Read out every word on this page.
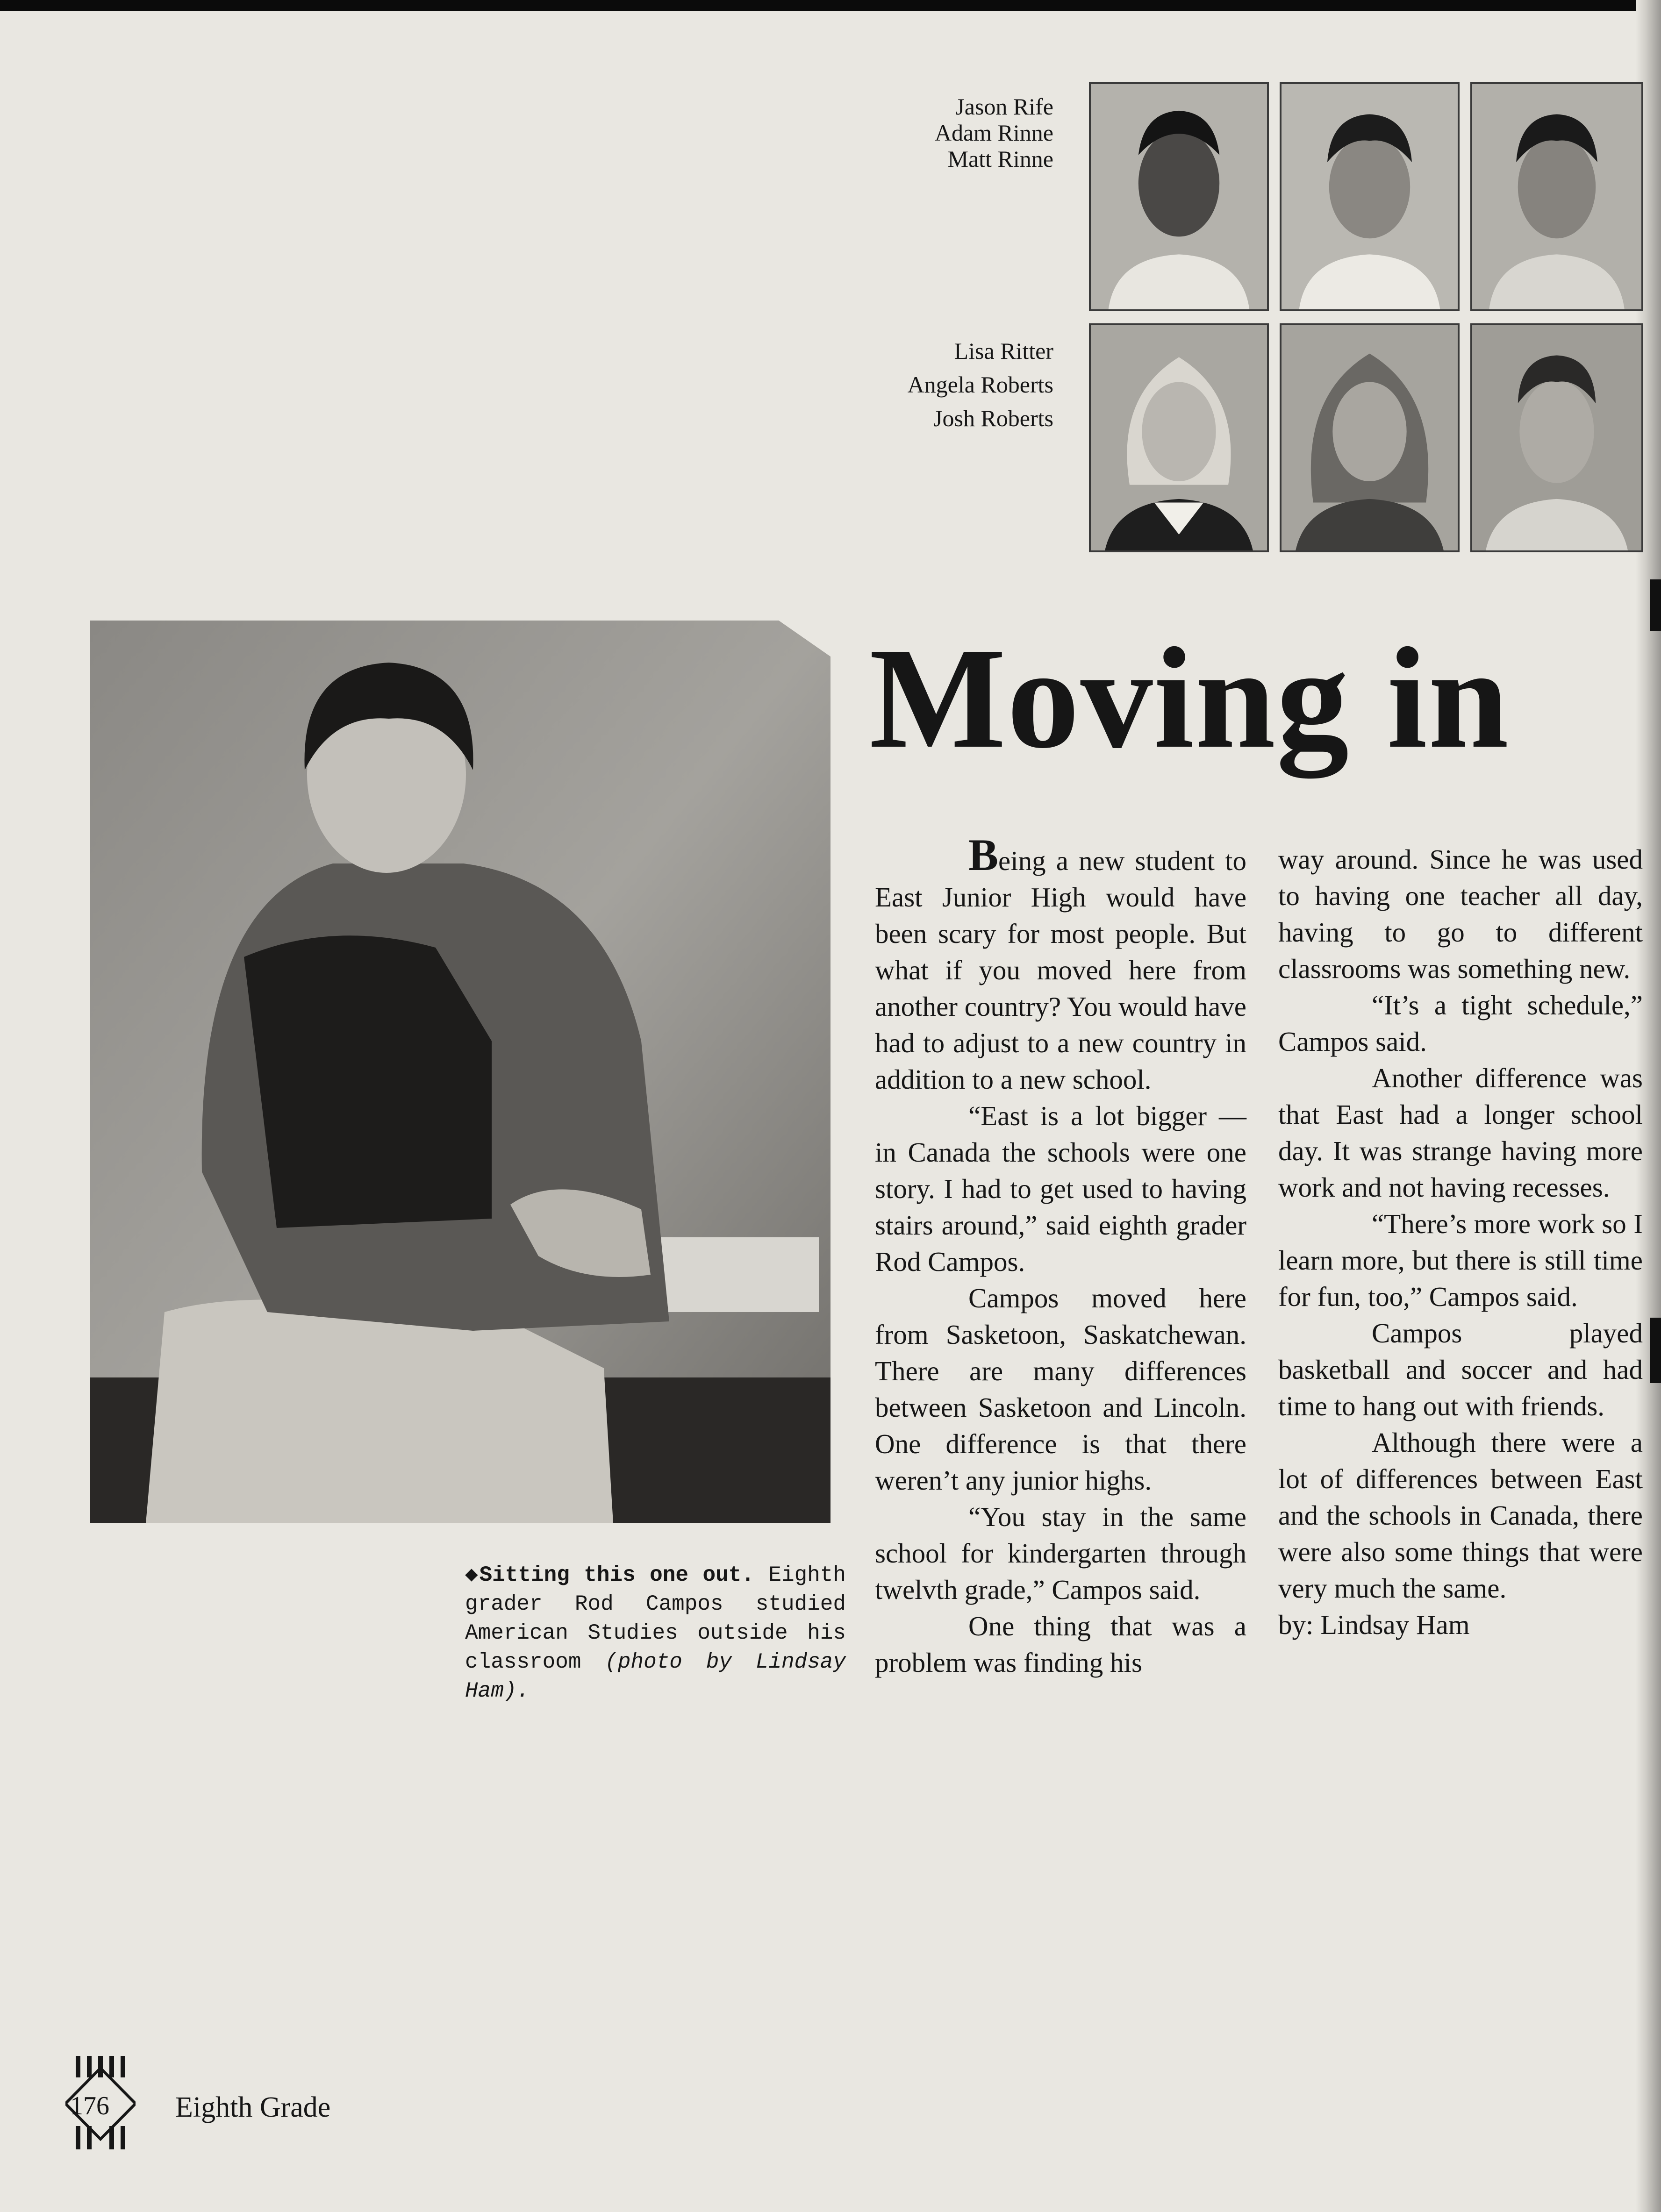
Jason Rife
Adam Rinne
Matt Rinne
Lisa Ritter
Angela Roberts
Josh Roberts
◆Sitting this one out. Eighth grader Rod Campos studied American Studies outside his classroom (photo by Lindsay Ham).
Moving in

Being a new student to East Junior High would have been scary for most people. But what if you moved here from another country? You would have had to adjust to a new country in addition to a new school.

“East is a lot bigger — in Canada the schools were one story. I had to get used to having stairs around,” said eighth grader Rod Campos.

Campos moved here from Sasketoon, Saskatchewan. There are many differences between Sasketoon and Lincoln. One difference is that there weren’t any junior highs.

“You stay in the same school for kindergarten through twelvth grade,” Campos said.

One thing that was a problem was finding his

way around. Since he was used to having one teacher all day, having to go to different classrooms was something new.

“It’s a tight schedule,” Campos said.

Another difference was that East had a longer school day. It was strange having more work and not having recesses.

“There’s more work so I learn more, but there is still time for fun, too,” Campos said.

Campos played basketball and soccer and had time to hang out with friends.

Although there were a lot of differences between East and the schools in Canada, there were also some things that were very much the same.

by: Lindsay Ham

176 Eighth Grade
